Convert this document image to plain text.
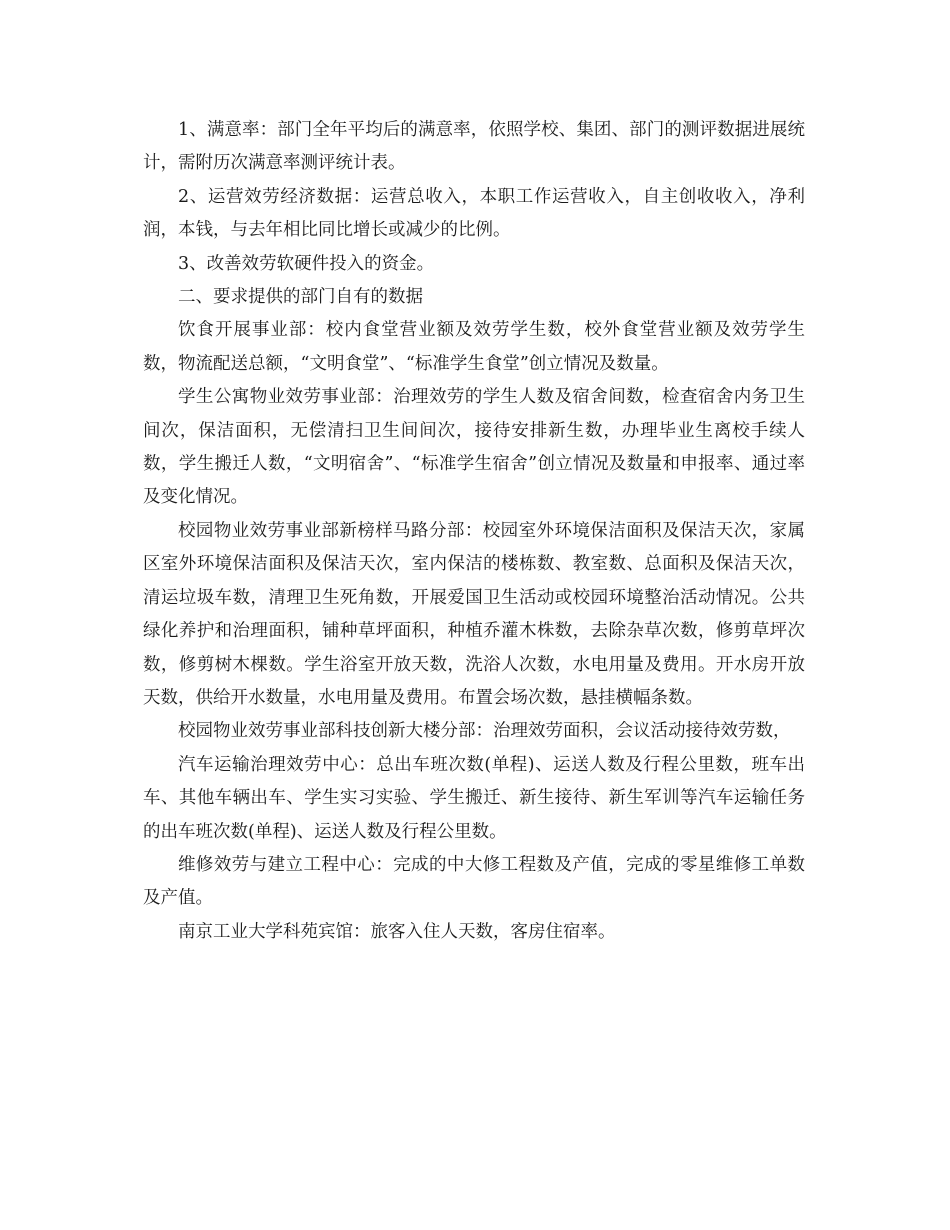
1、满意率：部门全年平均后的满意率，依照学校、集团、部门的测评数据进展统计，需附历次满意率测评统计表。

2、运营效劳经济数据：运营总收入，本职工作运营收入，自主创收收入，净利润，本钱，与去年相比同比增长或减少的比例。

3、改善效劳软硬件投入的资金。

二、要求提供的部门自有的数据

饮食开展事业部：校内食堂营业额及效劳学生数，校外食堂营业额及效劳学生数，物流配送总额，“文明食堂”、“标准学生食堂”创立情况及数量。

学生公寓物业效劳事业部：治理效劳的学生人数及宿舍间数，检查宿舍内务卫生间次，保洁面积，无偿清扫卫生间间次，接待安排新生数，办理毕业生离校手续人数，学生搬迁人数，“文明宿舍”、“标准学生宿舍”创立情况及数量和申报率、通过率及变化情况。

校园物业效劳事业部新榜样马路分部：校园室外环境保洁面积及保洁天次，家属区室外环境保洁面积及保洁天次，室内保洁的楼栋数、教室数、总面积及保洁天次，清运垃圾车数，清理卫生死角数，开展爱国卫生活动或校园环境整治活动情况。公共绿化养护和治理面积，铺种草坪面积，种植乔灌木株数，去除杂草次数，修剪草坪次数，修剪树木棵数。学生浴室开放天数，洗浴人次数，水电用量及费用。开水房开放天数，供给开水数量，水电用量及费用。布置会场次数，悬挂横幅条数。

校园物业效劳事业部科技创新大楼分部：治理效劳面积，会议活动接待效劳数，

汽车运输治理效劳中心：总出车班次数(单程)、运送人数及行程公里数，班车出车、其他车辆出车、学生实习实验、学生搬迁、新生接待、新生军训等汽车运输任务的出车班次数(单程)、运送人数及行程公里数。

维修效劳与建立工程中心：完成的中大修工程数及产值，完成的零星维修工单数及产值。

南京工业大学科苑宾馆：旅客入住人天数，客房住宿率。
